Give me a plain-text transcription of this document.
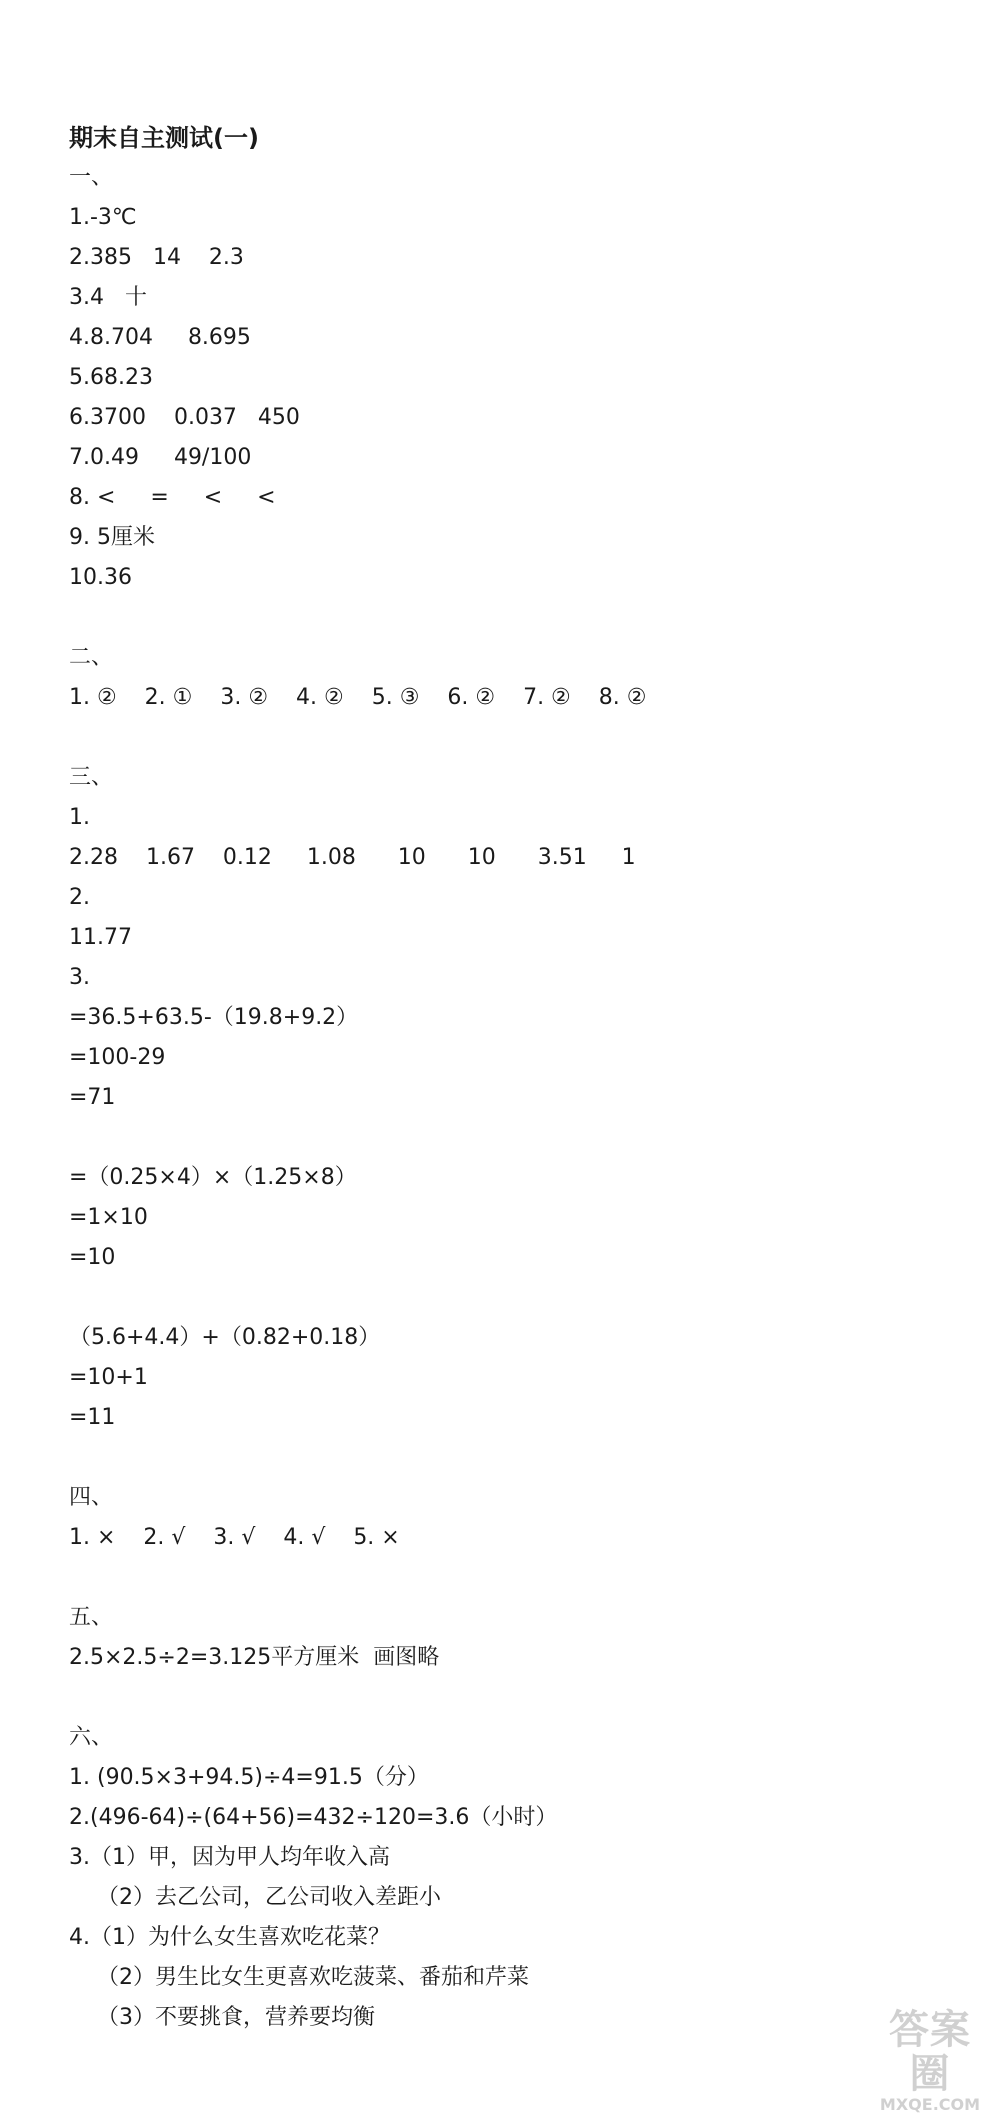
期末自主测试(一)
一、
1.-3℃
2.385   14    2.3
3.4   十
4.8.704     8.695
5.68.23
6.3700    0.037   450
7.0.49     49/100
8. <     =     <     <
9. 5厘米
10.36
二、
1. ②    2. ①    3. ②    4. ②    5. ③    6. ②    7. ②    8. ②
三、
1.
2.28    1.67    0.12     1.08      10      10      3.51     1
2.
11.77
3.
=36.5+63.5-（19.8+9.2）
=100-29
=71
=（0.25×4）×（1.25×8）
=1×10
=10
（5.6+4.4）+（0.82+0.18）
=10+1
=11
四、
1. ×    2. √    3. √    4. √    5. ×
五、
2.5×2.5÷2=3.125平方厘米  画图略
六、
1. (90.5×3+94.5)÷4=91.5（分）
2.(496-64)÷(64+56)=432÷120=3.6（小时）
3.（1）甲，因为甲人均年收入高
（2）去乙公司，乙公司收入差距小
4.（1）为什么女生喜欢吃花菜？
（2）男生比女生更喜欢吃菠菜、番茄和芹菜
（3）不要挑食，营养要均衡	答案圈
MXQE.COM
